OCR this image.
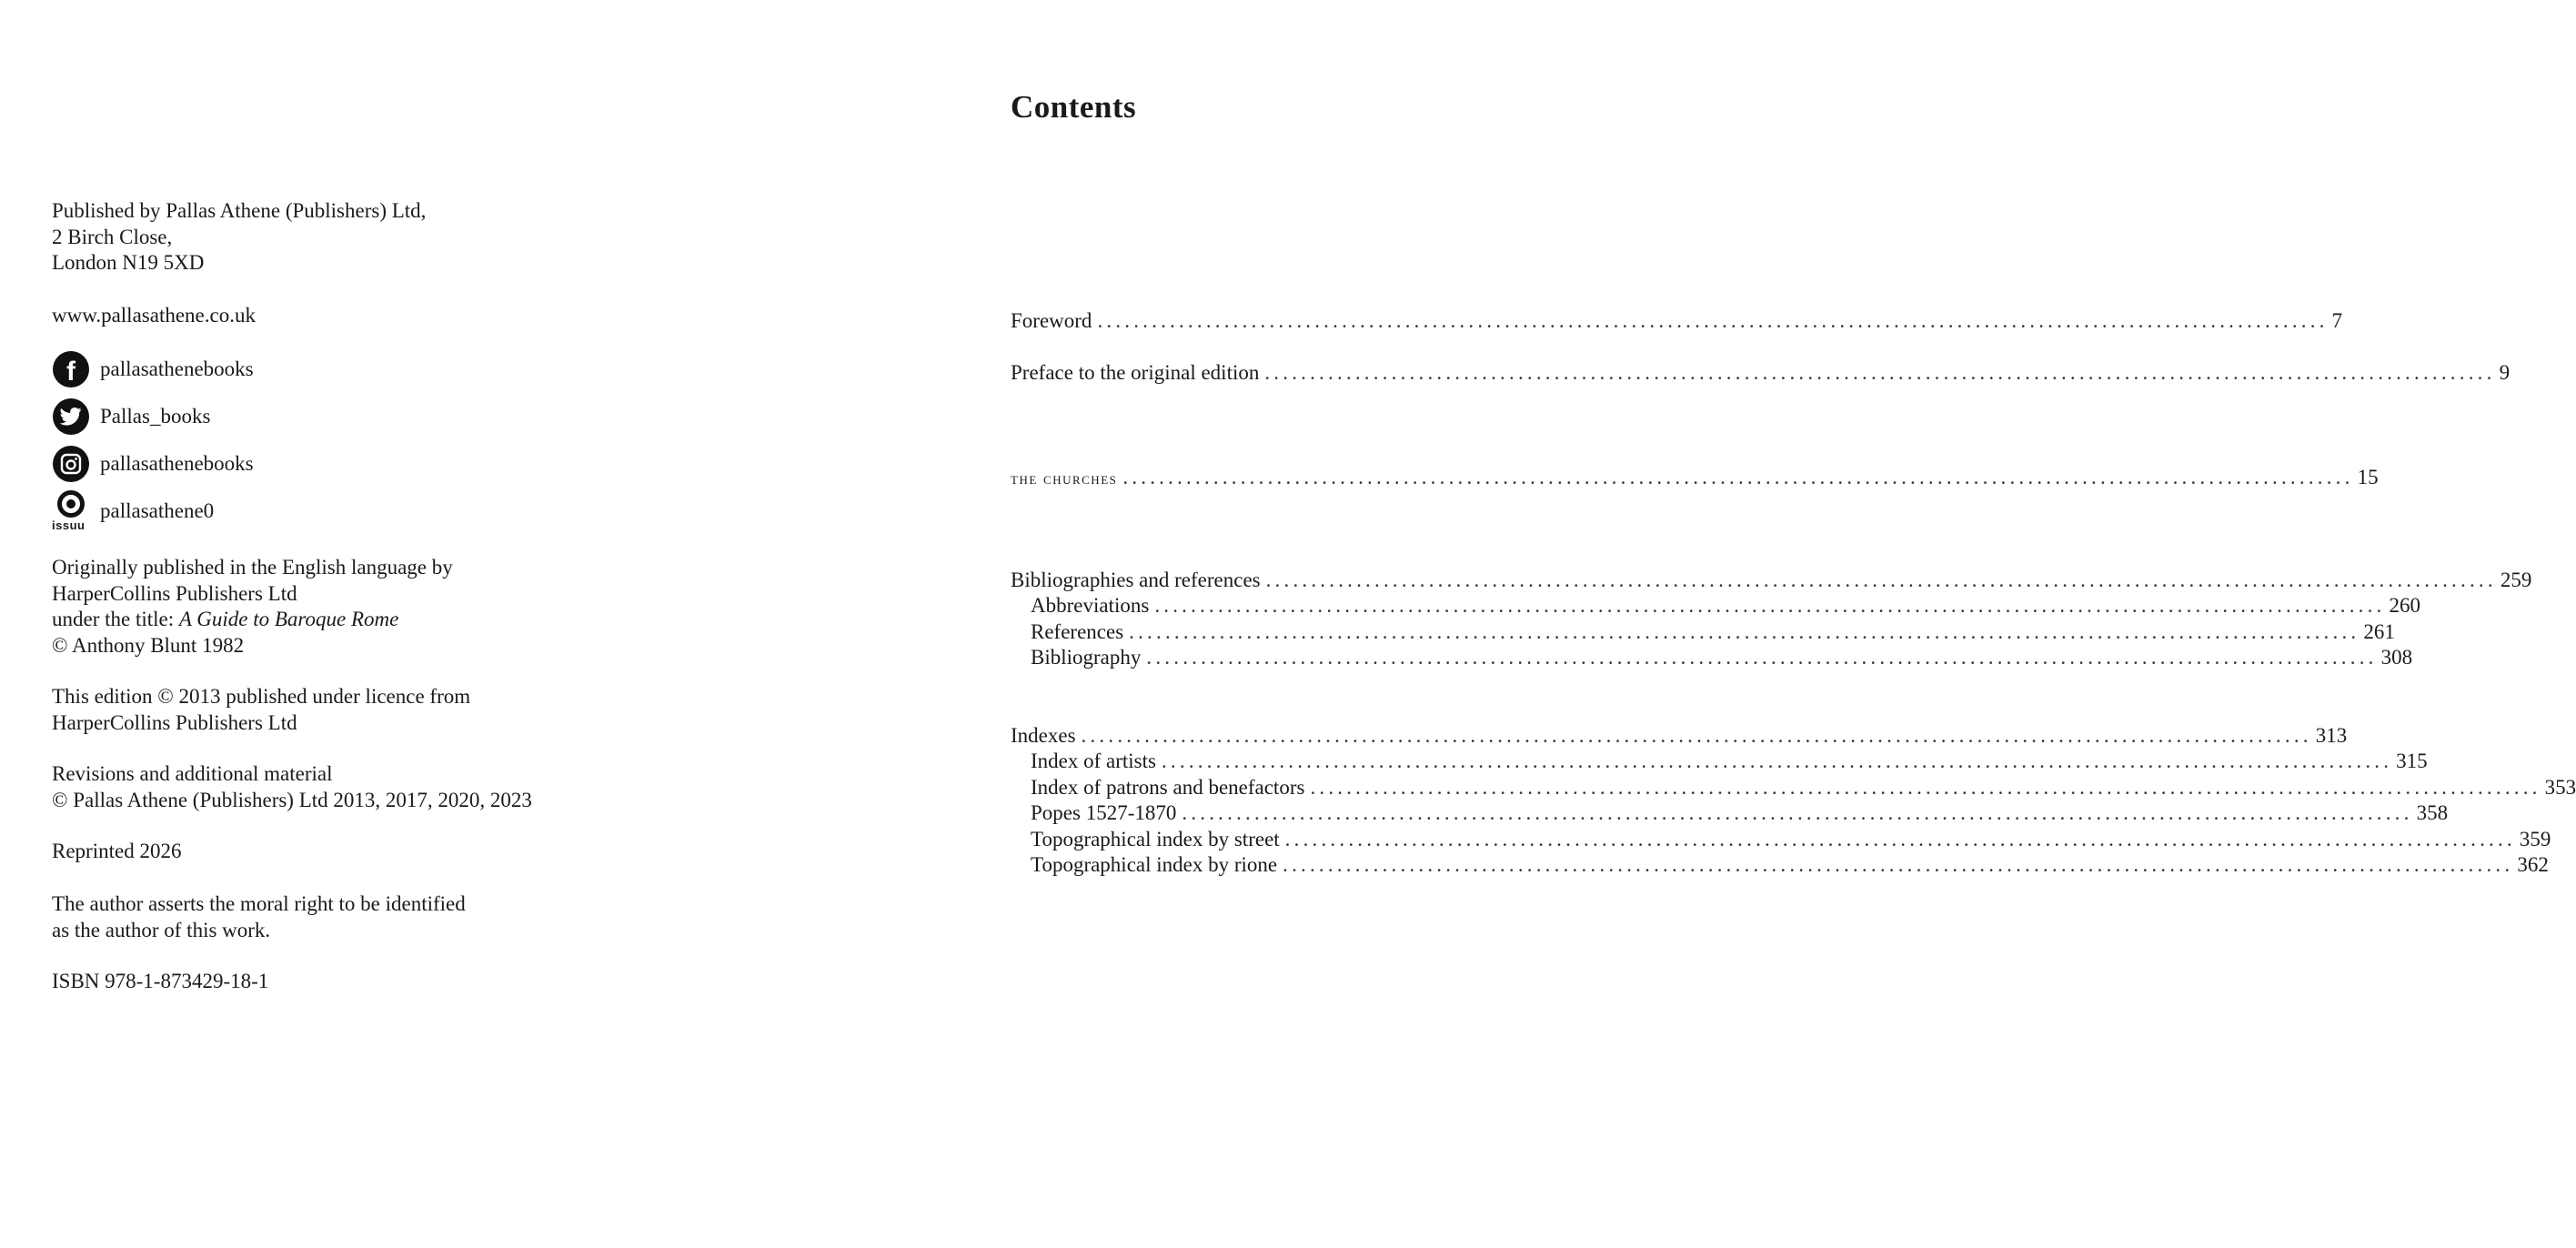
Published by Pallas Athene (Publishers) Ltd,
2 Birch Close,
London N19 5XD
www.pallasathene.co.uk
f	pallasathenebooks
Pallas_books
pallasathenebooks
issuu
pallasathene0
Originally published in the English language by
HarperCollins Publishers Ltd
under the title: A Guide to Baroque Rome
© Anthony Blunt 1982
This edition © 2013 published under licence from
HarperCollins Publishers Ltd
Revisions and additional material
© Pallas Athene (Publishers) Ltd 2013, 2017, 2020, 2023
Reprinted 2026
The author asserts the moral right to be identified
as the author of this work.
ISBN 978-1-873429-18-1
Contents
Foreword ........................................................................................................................................ 7
Preface to the original edition ........................................................................................................................................ 9
the churches ........................................................................................................................................ 15
Bibliographies and references ........................................................................................................................................ 259
Abbreviations ........................................................................................................................................ 260
References ........................................................................................................................................ 261
Bibliography ........................................................................................................................................ 308
Indexes ........................................................................................................................................ 313
Index of artists ........................................................................................................................................ 315
Index of patrons and benefactors ........................................................................................................................................ 353
Popes 1527-1870 ........................................................................................................................................ 358
Topographical index by street ........................................................................................................................................ 359
Topographical index by rione ........................................................................................................................................ 362
